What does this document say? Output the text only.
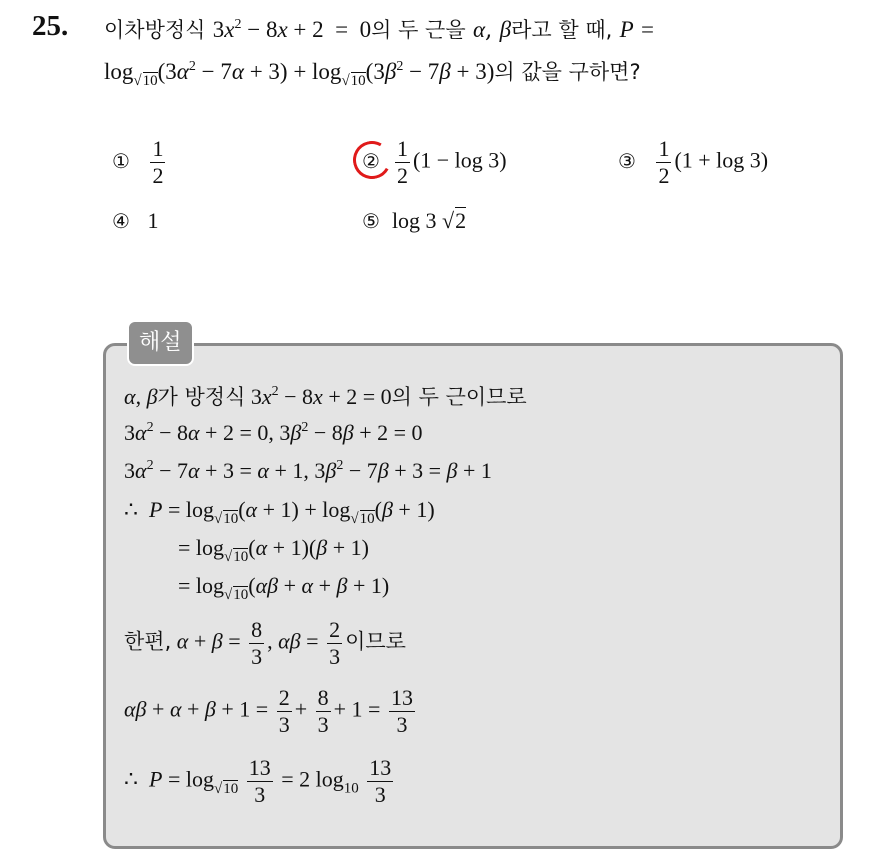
25. 이차방정식 $3x^2 - 8x + 2 = 0$의 두 근을 α, β라고 할 때, P =
$\log_{√10}(3\alpha^2 - 7\alpha + 3) + \log_{√10}(3\beta^2 - 7\beta + 3)$의 값을 구하면?
① $\frac{1}{2}$	② $\frac{1}{2} (1 - \log 3)$	③ $\frac{1}{2} (1 + \log 3)$
④ 1	⑤ log 3 √2
해설
α, β가 방정식 $3x^2 - 8x + 2 = 0$의 두 근이므로
$3\alpha^2 - 8\alpha + 2 = 0$, $3\beta^2 - 8\beta + 2 = 0$
$3\alpha^2 - 7\alpha + 3 = \alpha + 1$, $3\beta^2 - 7\beta + 3 = \beta + 1$
∴  $P = \log_{√10}(\alpha + 1) + \log_{√10}(\beta + 1)$
= $\log_{√10}(\alpha + 1)(\beta + 1)$
= $\log_{√10}(\alpha\beta + \alpha + \beta + 1)$
한편, $\alpha + \beta = \frac{8}{3}$ , $\alpha\beta = \frac{2}{3}$ 이므로
$\alpha\beta + \alpha + \beta + 1 = \frac{2}{3} + \frac{8}{3} + 1 = \frac{13}{3}$
∴  $P = \log_{√10} \frac{13}{3} = 2$ $\log_{10} \frac{13}{3}$
